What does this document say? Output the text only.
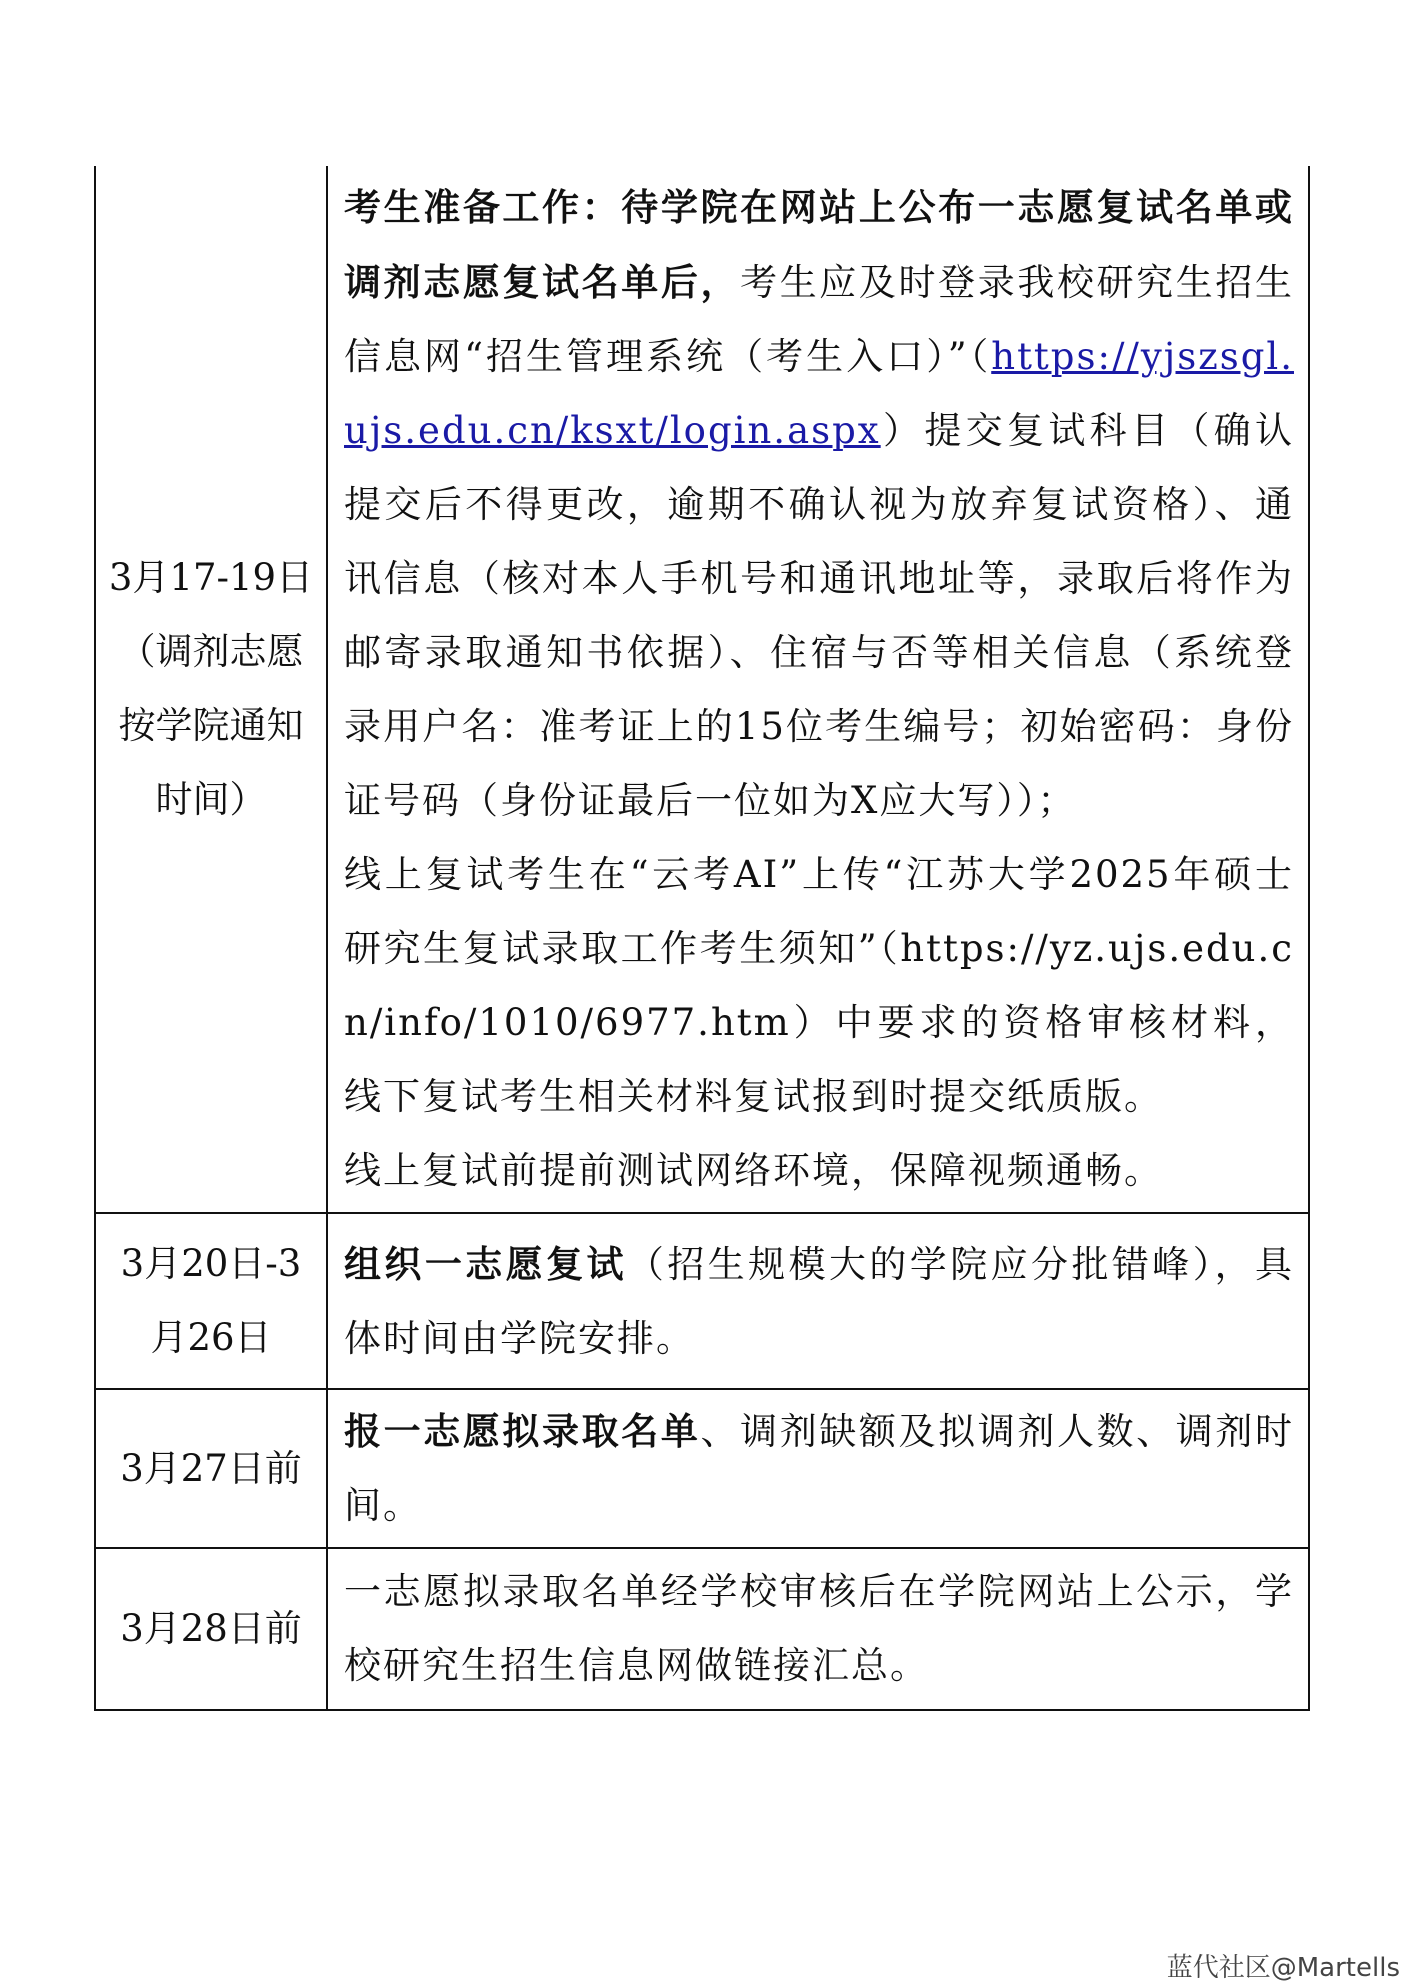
3月17-19日（调剂志愿按学院通知时间）	考生准备工作：待学院在网站上公布一志愿复试名单或调剂志愿复试名单后，考生应及时登录我校研究生招生信息网“招生管理系统（考生入口）”（https://yjszsgl.ujs.edu.cn/ksxt/login.aspx）提交复试科目（确认提交后不得更改，逾期不确认视为放弃复试资格）、通讯信息（核对本人手机号和通讯地址等，录取后将作为邮寄录取通知书依据）、住宿与否等相关信息（系统登录用户名：准考证上的15位考生编号；初始密码：身份证号码（身份证最后一位如为X应大写））；
线上复试考生在“云考AI”上传“江苏大学2025年硕士研究生复试录取工作考生须知”（https://yz.ujs.edu.cn/info/1010/6977.htm）中要求的资格审核材料，线下复试考生相关材料复试报到时提交纸质版。
线上复试前提前测试网络环境，保障视频通畅。

3月20日-3月26日	组织一志愿复试（招生规模大的学院应分批错峰），具体时间由学院安排。
3月27日前	报一志愿拟录取名单、调剂缺额及拟调剂人数、调剂时间。
3月28日前	一志愿拟录取名单经学校审核后在学院网站上公示，学校研究生招生信息网做链接汇总。
蓝代社区@Martells
